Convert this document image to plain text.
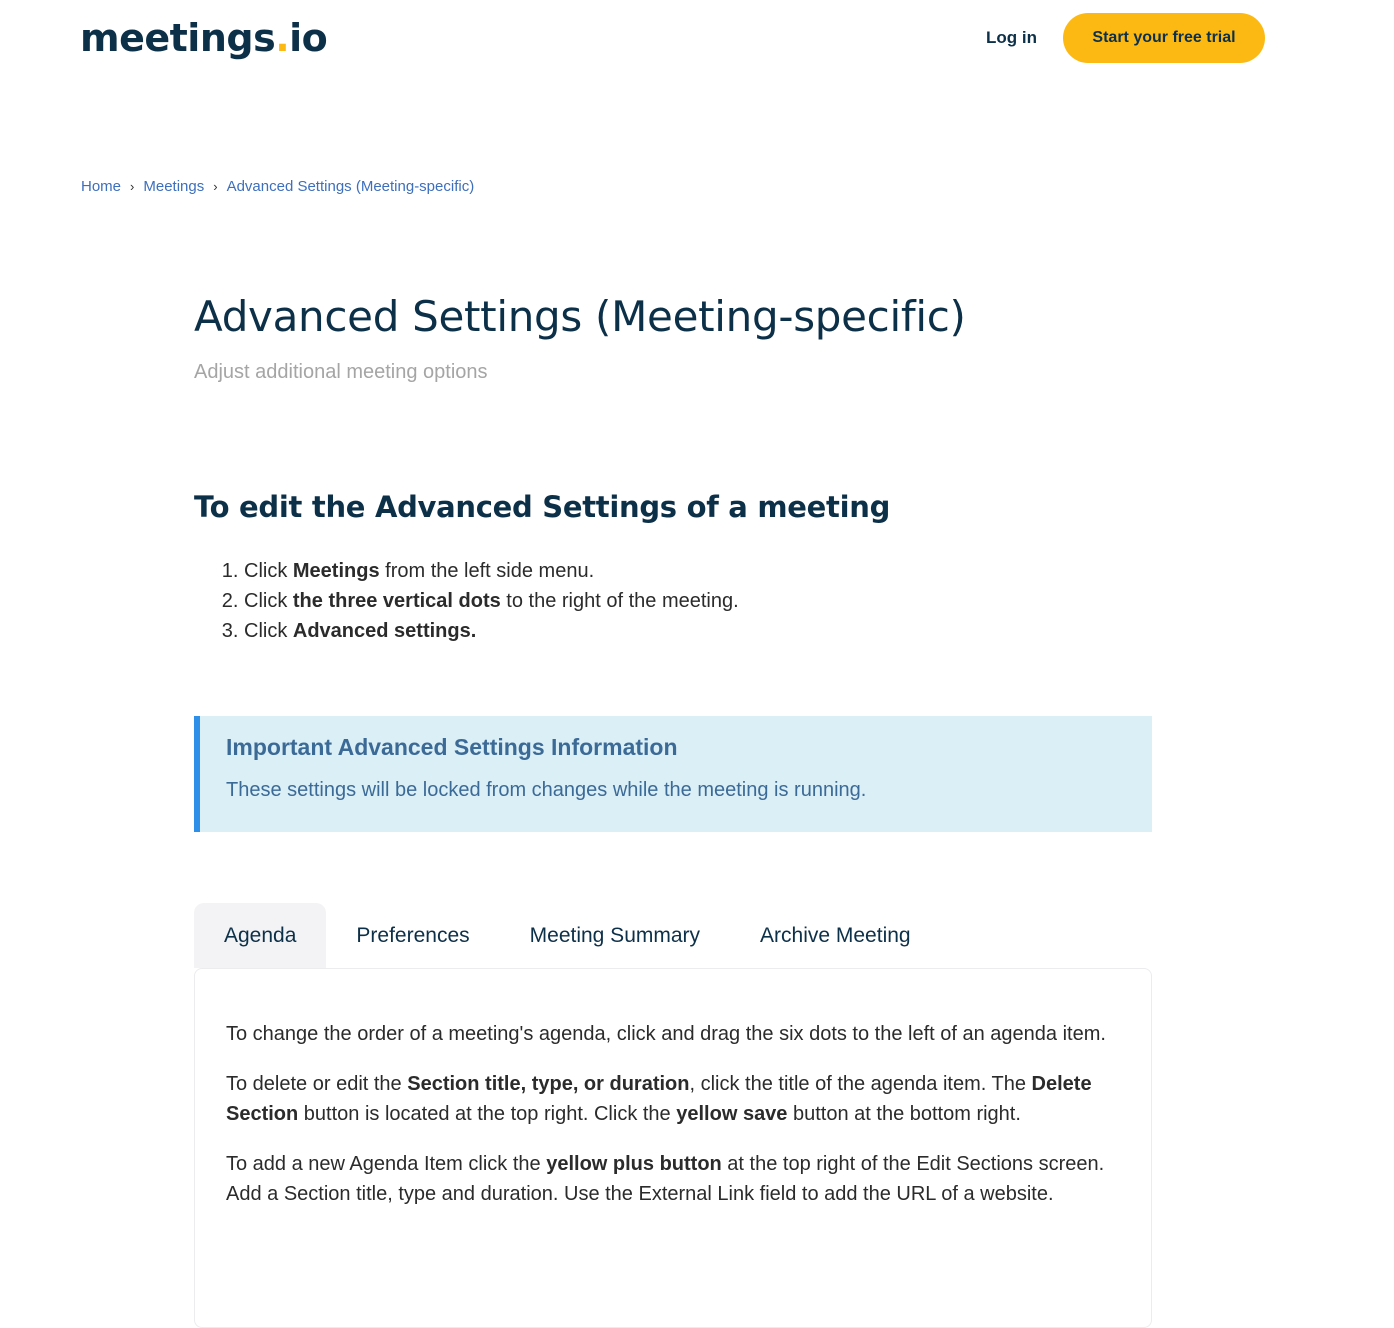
meetings.io	Log in	Start your free trial
Home › Meetings › Advanced Settings (Meeting-specific)
Advanced Settings (Meeting-specific)
Adjust additional meeting options
To edit the Advanced Settings of a meeting
1. Click Meetings from the left side menu.
2. Click the three vertical dots to the right of the meeting.
3. Click Advanced settings.
Important Advanced Settings Information
These settings will be locked from changes while the meeting is running.
Agenda	Preferences	Meeting Summary	Archive Meeting

To change the order of a meeting's agenda, click and drag the six dots to the left of an agenda item.

To delete or edit the Section title, type, or duration, click the title of the agenda item. The Delete Section button is located at the top right. Click the yellow save button at the bottom right.

To add a new Agenda Item click the yellow plus button at the top right of the Edit Sections screen. Add a Section title, type and duration. Use the External Link field to add the URL of a website.
